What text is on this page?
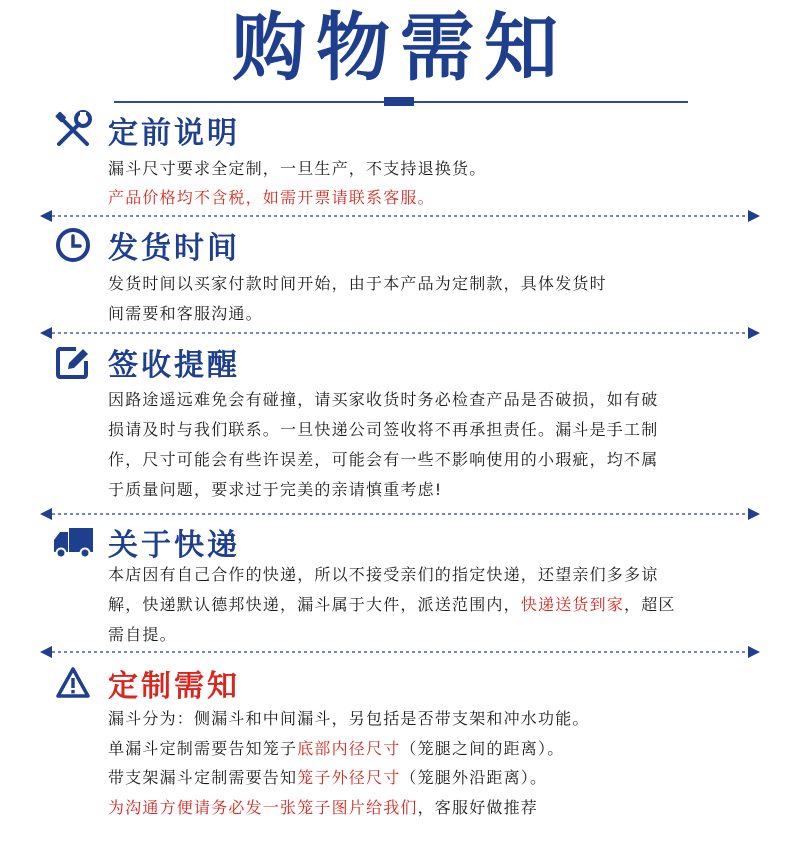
购物需知
定前说明
漏斗尺寸要求全定制，一旦生产，不支持退换货。
产品价格均不含税，如需开票请联系客服。
发货时间
发货时间以买家付款时间开始，由于本产品为定制款，具体发货时
间需要和客服沟通。
签收提醒
因路途遥远难免会有碰撞，请买家收货时务必检查产品是否破损，如有破
损请及时与我们联系。一旦快递公司签收将不再承担责任。漏斗是手工制
作，尺寸可能会有些许误差，可能会有一些不影响使用的小瑕疵，均不属
于质量问题，要求过于完美的亲请慎重考虑!
关于快递
本店因有自己合作的快递，所以不接受亲们的指定快递，还望亲们多多谅
解，快递默认德邦快递，漏斗属于大件，派送范围内，快递送货到家，超区
需自提。
定制需知
漏斗分为：侧漏斗和中间漏斗，另包括是否带支架和冲水功能。
单漏斗定制需要告知笼子底部内径尺寸（笼腿之间的距离）。
带支架漏斗定制需要告知笼子外径尺寸（笼腿外沿距离）。
为沟通方便请务必发一张笼子图片给我们，客服好做推荐
